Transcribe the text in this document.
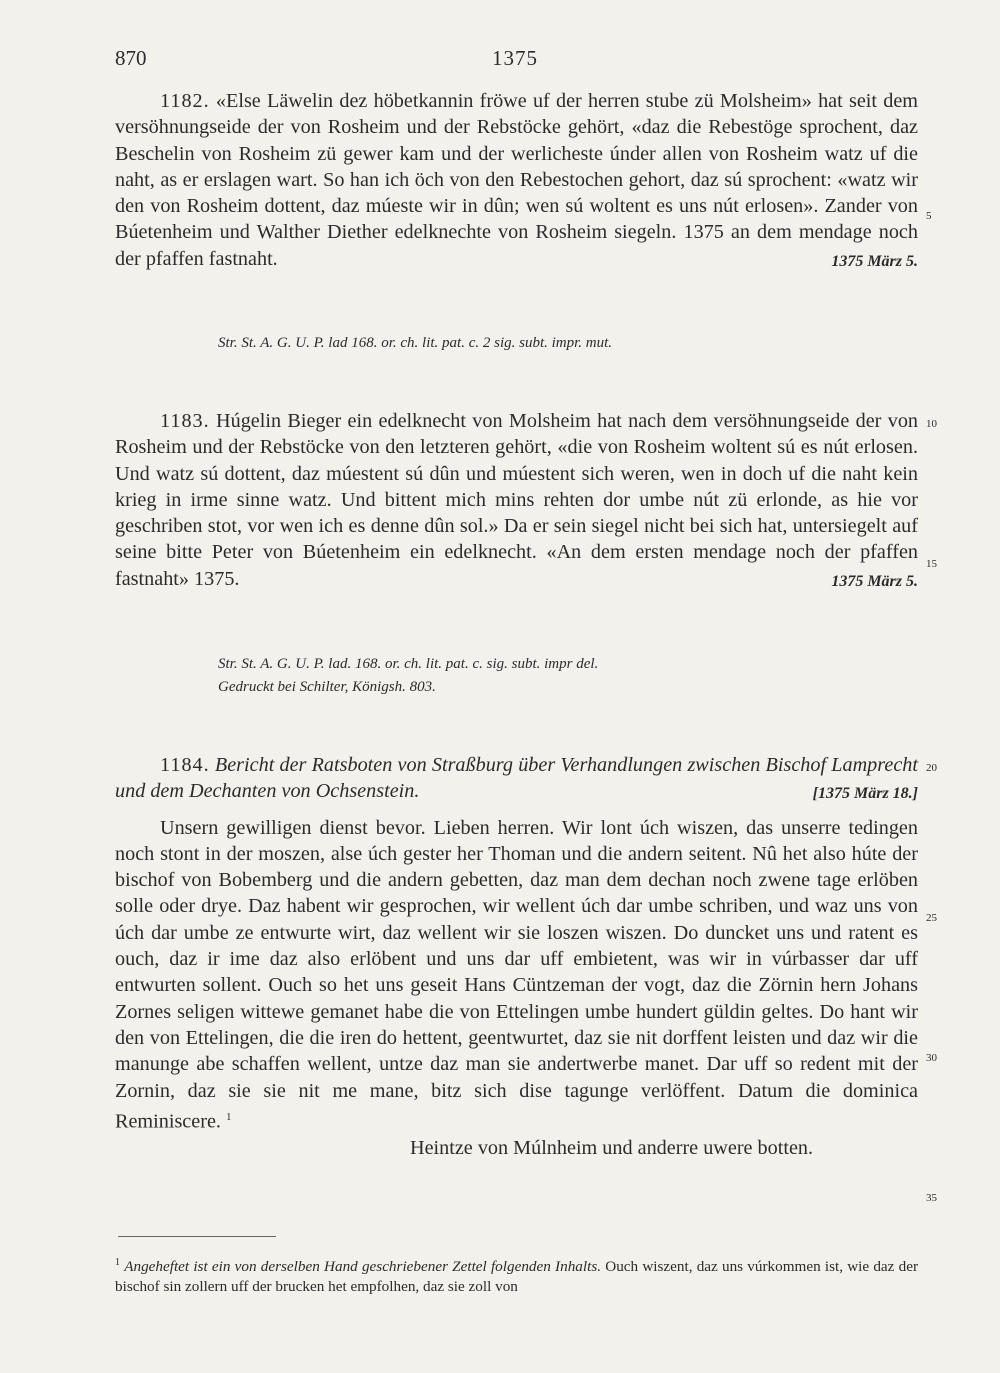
870	1375

1182. «Else Läwelin dez höbetkannin fröwe uf der herren stube zü Molsheim» hat seit dem versöhnungseide der von Rosheim und der Rebstöcke gehört, «daz die Rebestöge sprochent, daz Beschelin von Rosheim zü gewer kam und der werlicheste únder allen von Rosheim watz uf die naht, as er erslagen wart. So han ich öch von den Rebestochen gehort, daz sú sprochent: «watz wir den von Rosheim dottent, daz múeste wir in dûn; wen sú woltent es uns nút erlosen». Zander von Búetenheim und Walther Diether edelknechte von Rosheim siegeln. 1375 an dem mendage noch der pfaffen fastnaht.	1375 März 5.

Str. St. A. G. U. P. lad 168. or. ch. lit. pat. c. 2 sig. subt. impr. mut.

1183. Húgelin Bieger ein edelknecht von Molsheim hat nach dem versöhnungseide der von Rosheim und der Rebstöcke von den letzteren gehört, «die von Rosheim woltent sú es nút erlosen. Und watz sú dottent, daz múestent sú dûn und múestent sich weren, wen in doch uf die naht kein krieg in irme sinne watz. Und bittent mich mins rehten dor umbe nút zü erlonde, as hie vor geschriben stot, vor wen ich es denne dûn sol.» Da er sein siegel nicht bei sich hat, untersiegelt auf seine bitte Peter von Búetenheim ein edelknecht. «An dem ersten mendage noch der pfaffen fastnaht» 1375.	1375 März 5.

Str. St. A. G. U. P. lad. 168. or. ch. lit. pat. c. sig. subt. impr del.
Gedruckt bei Schilter, Königsh. 803.

1184. Bericht der Ratsboten von Straßburg über Verhandlungen zwischen Bischof Lamprecht und dem Dechanten von Ochsenstein.	[1375 März 18.]

Unsern gewilligen dienst bevor. Lieben herren. Wir lont úch wiszen, das unserre tedingen noch stont in der moszen, alse úch gester her Thoman und die andern seitent. Nû het also húte der bischof von Bobemberg und die andern gebetten, daz man dem dechan noch zwene tage erlöben solle oder drye. Daz habent wir gesprochen, wir wellent úch dar umbe schriben, und waz uns von úch dar umbe ze entwurte wirt, daz wellent wir sie loszen wiszen. Do duncket uns und ratent es ouch, daz ir ime daz also erlöbent und uns dar uff embietent, was wir in vúrbasser dar uff entwurten sollent. Ouch so het uns geseit Hans Cüntzeman der vogt, daz die Zörnin hern Johans Zornes seligen wittewe gemanet habe die von Ettelingen umbe hundert güldin geltes. Do hant wir den von Ettelingen, die die iren do hettent, geentwurtet, daz sie nit dorffent leisten und daz wir die manunge abe schaffen wellent, untze daz man sie andertwerbe manet. Dar uff so redent mit der Zornin, daz sie sie nit me mane, bitz sich dise tagunge verlöffent. Datum die dominica Reminiscere. $^1$

Heintze von Múlnheim und anderre uwere botten.

5
10
15
20
25
30
35
$^1$ Angeheftet ist ein von derselben Hand geschriebener Zettel folgenden Inhalts. Ouch wiszent, daz uns vúrkommen ist, wie daz der bischof sin zollern uff der brucken het empfolhen, daz sie zoll von
